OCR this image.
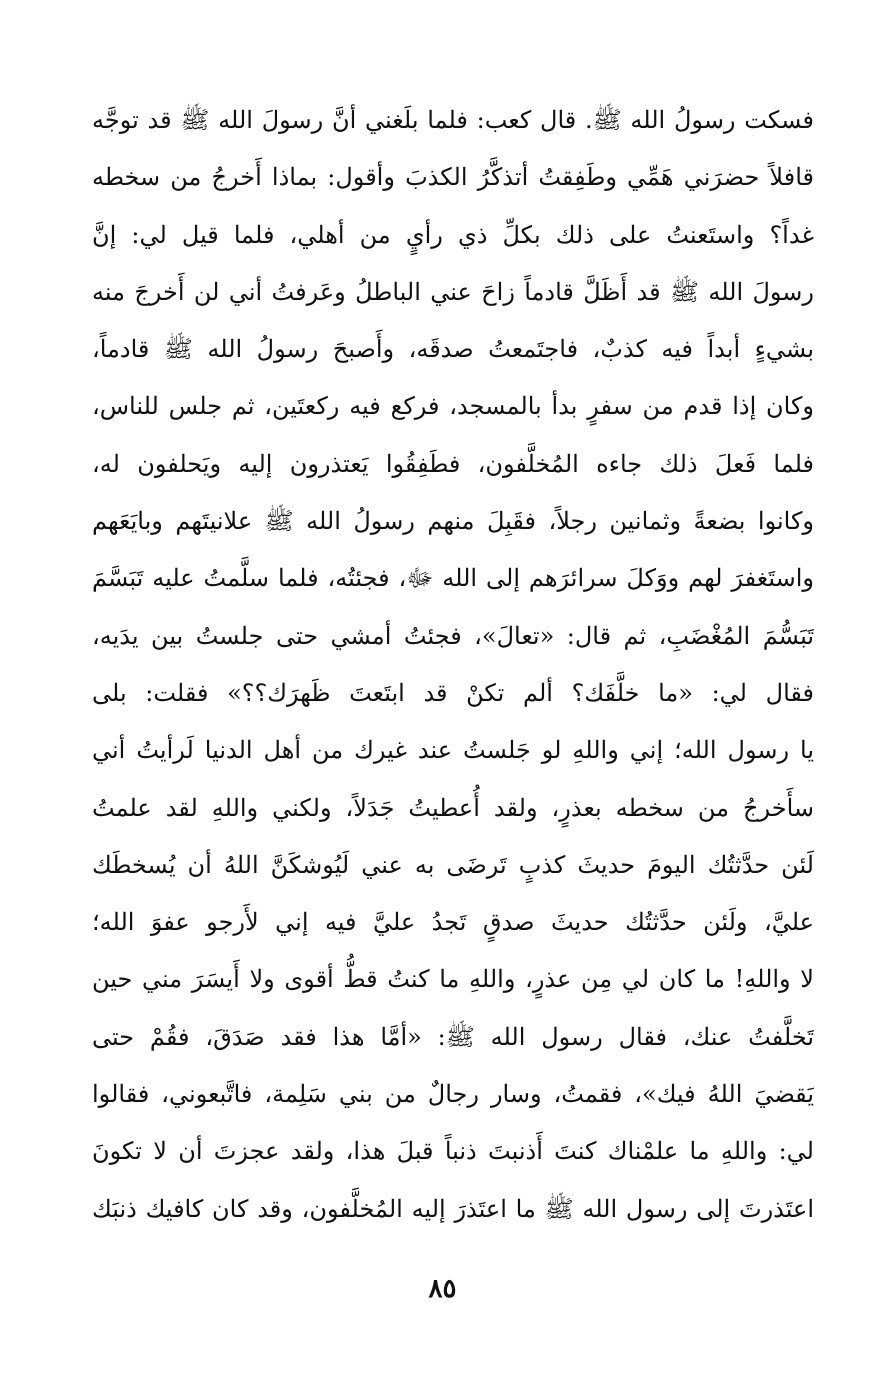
فسكت رسولُ الله ﷺ. قال كعب: فلما بلَغني أنَّ رسولَ الله ﷺ قد توجَّه
قافلاً حضرَني هَمِّي وطَفِقتُ أتذكَّرُ الكذبَ وأقول: بماذا أَخرجُ من سخطه
غداً؟ واستَعنتُ على ذلك بكلِّ ذي رأيٍ من أهلي، فلما قيل لي: إنَّ
رسولَ الله ﷺ قد أَظَلَّ قادماً زاحَ عني الباطلُ وعَرفتُ أني لن أَخرجَ منه
بشيءٍ أبداً فيه كذبٌ، فاجتَمعتُ صدقَه، وأَصبحَ رسولُ الله ﷺ قادماً،
وكان إذا قدم من سفرٍ بدأ بالمسجد، فركع فيه ركعتَين، ثم جلس للناس،
فلما فَعلَ ذلك جاءه المُخلَّفون، فطَفِقُوا يَعتذرون إليه ويَحلفون له،
وكانوا بضعةً وثمانين رجلاً، فقَبِلَ منهم رسولُ الله ﷺ علانيتَهم وبايَعَهم
واستَغفرَ لهم ووَكلَ سرائرَهم إلى الله ﷻ، فجئتُه، فلما سلَّمتُ عليه تَبَسَّمَ
تَبَسُّمَ المُغْضَبِ، ثم قال: «تعالَ»، فجئتُ أمشي حتى جلستُ بين يدَيه،
فقال لي: «ما خلَّفَك؟ ألم تكنْ قد ابتَعتَ ظَهرَك؟؟» فقلت: بلى
يا رسول الله؛ إني واللهِ لو جَلستُ عند غيرك من أهل الدنيا لَرأيتُ أني
سأَخرجُ من سخطه بعذرٍ، ولقد أُعطيتُ جَدَلاً، ولكني واللهِ لقد علمتُ
لَئن حدَّثتُك اليومَ حديثَ كذبٍ تَرضَى به عني لَيُوشكَنَّ اللهُ أن يُسخطَك
عليَّ، ولَئن حدَّثتُك حديثَ صدقٍ تَجدُ عليَّ فيه إني لأَرجو عفوَ الله؛
لا واللهِ! ما كان لي مِن عذرٍ، واللهِ ما كنتُ قطُّ أقوى ولا أَيسَرَ مني حين
تَخلَّفتُ عنك، فقال رسول الله ﷺ: «أمَّا هذا فقد صَدَقَ، فقُمْ حتى
يَقضيَ اللهُ فيك»، فقمتُ، وسار رجالٌ من بني سَلِمة، فاتَّبعوني، فقالوا
لي: واللهِ ما علمْناك كنتَ أَذنبتَ ذنباً قبلَ هذا، ولقد عجزتَ أن لا تكونَ
اعتَذرتَ إلى رسول الله ﷺ ما اعتَذرَ إليه المُخلَّفون، وقد كان كافيك ذنبَك
٨٥
